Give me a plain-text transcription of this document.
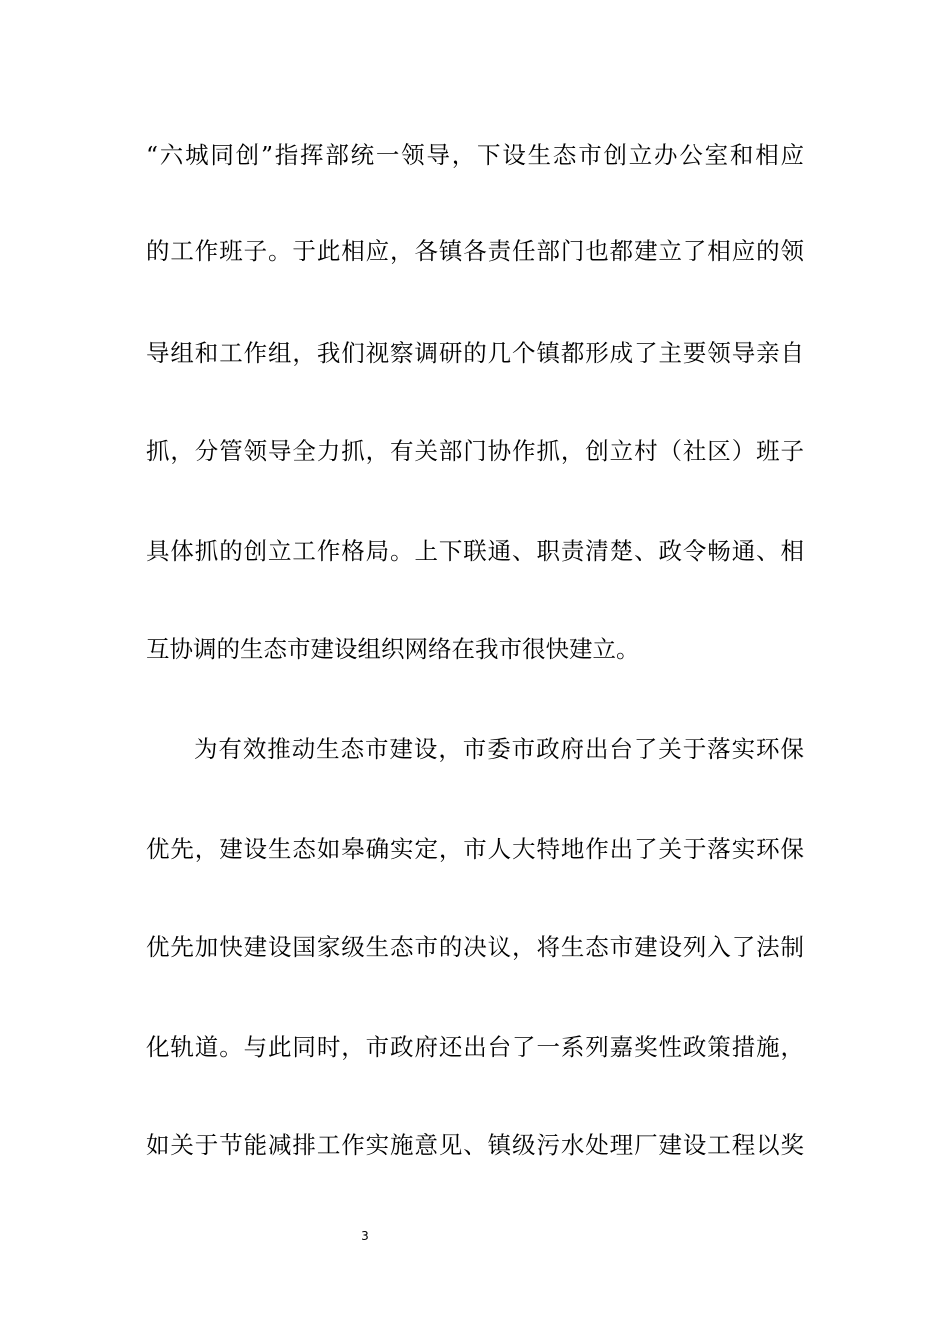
“六城同创”指挥部统一领导，下设生态市创立办公室和相应

的工作班子。于此相应，各镇各责任部门也都建立了相应的领

导组和工作组，我们视察调研的几个镇都形成了主要领导亲自

抓，分管领导全力抓，有关部门协作抓，创立村（社区）班子

具体抓的创立工作格局。上下联通、职责清楚、政令畅通、相

互协调的生态市建设组织网络在我市很快建立。

为有效推动生态市建设，市委市政府出台了关于落实环保

优先，建设生态如皋确实定，市人大特地作出了关于落实环保

优先加快建设国家级生态市的决议，将生态市建设列入了法制

化轨道。与此同时，市政府还出台了一系列嘉奖性政策措施，

如关于节能减排工作实施意见、镇级污水处理厂建设工程以奖

3
